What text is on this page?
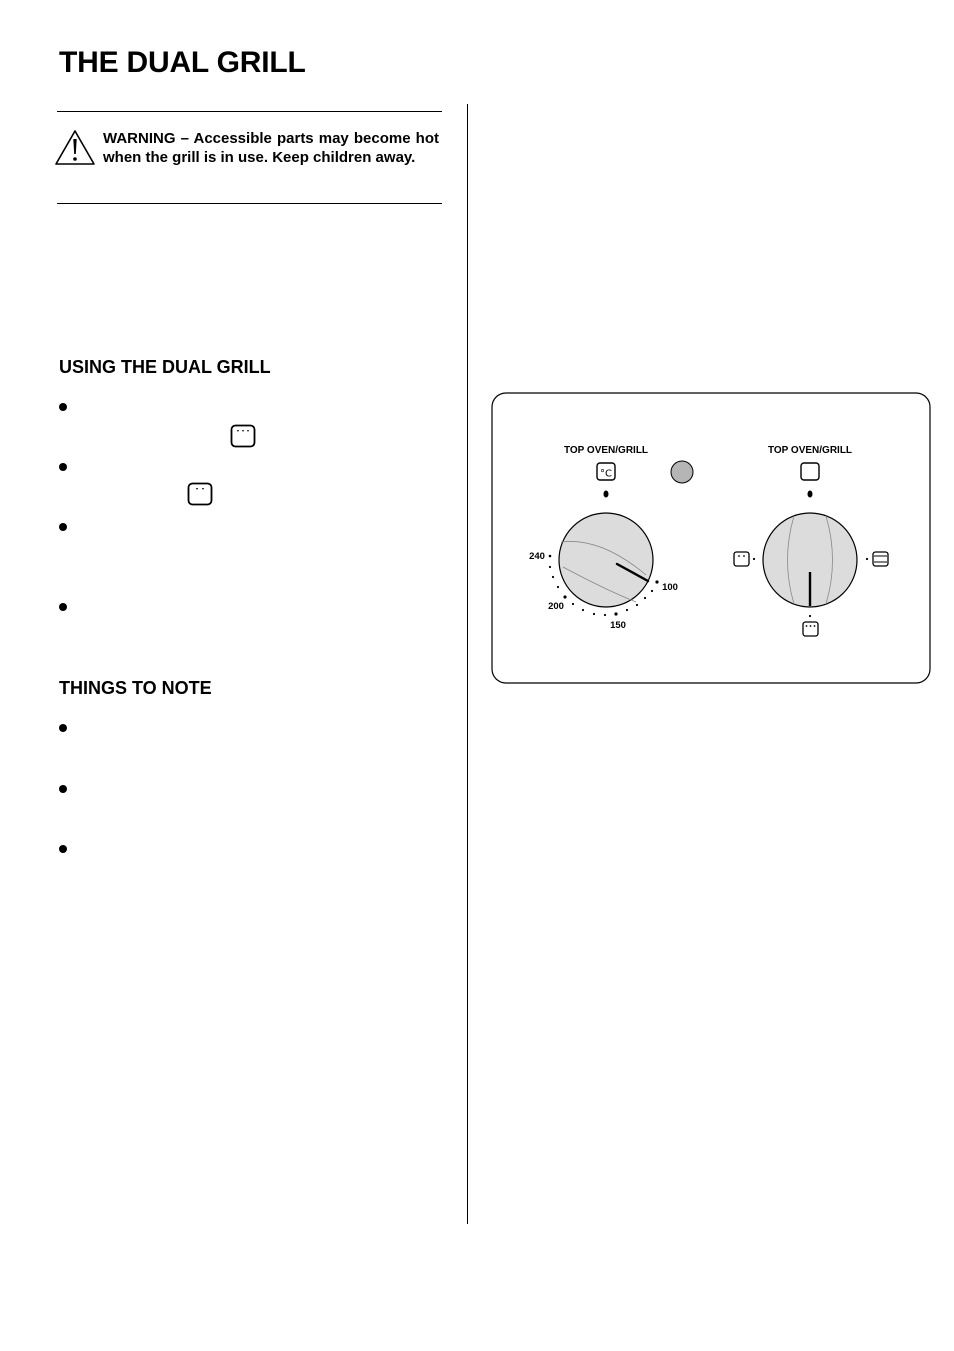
THE DUAL GRILL
WARNING – Accessible parts may become hot when the grill is in use. Keep children away.
USING THE DUAL GRILL
THINGS TO NOTE
TOP OVEN/GRILL
°C
240
200
150
100
TOP OVEN/GRILL
